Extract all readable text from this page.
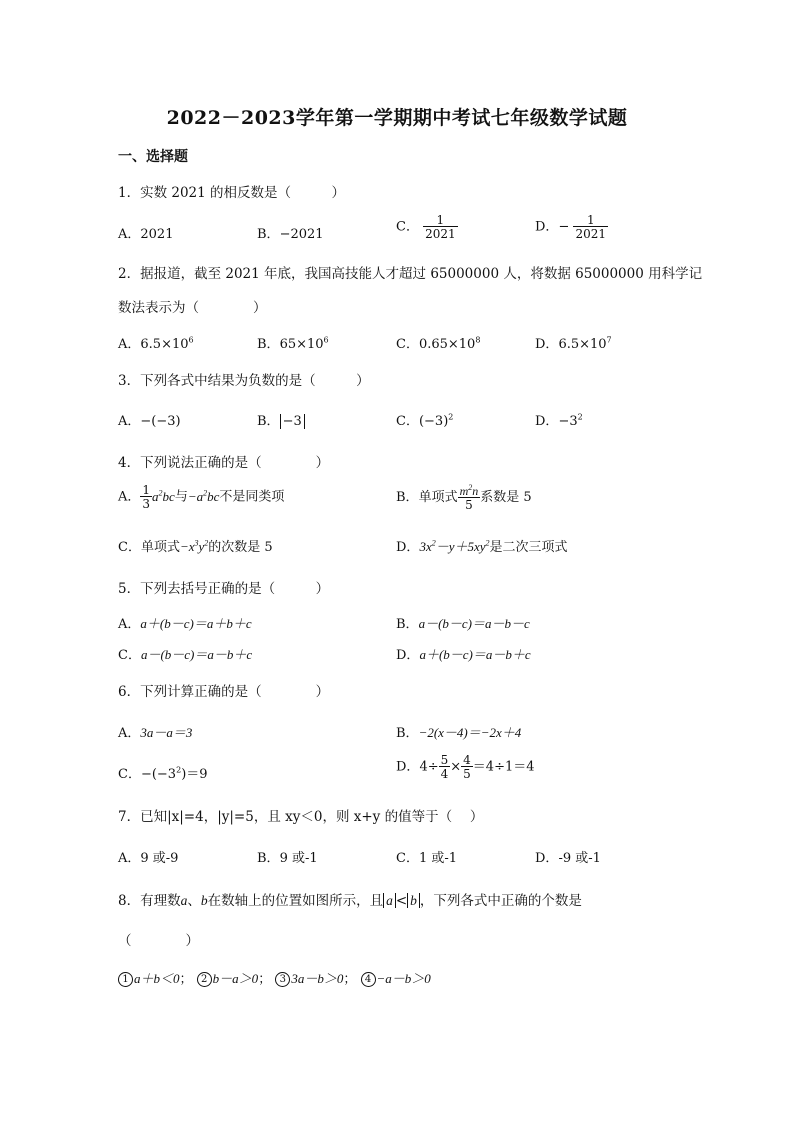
2022－2023学年第一学期期中考试七年级数学试题
一、选择题
1．实数 2021 的相反数是（　　　）
A．2021	B．−2021	C． $\frac{1}{2021}$	D．− $\frac{1}{2021}$
2．据报道，截至 2021 年底，我国高技能人才超过 65000000 人，将数据 65000000 用科学记
数法表示为（　　　　）
A．$6.5\times 10^6$	B．$65\times 10^6$	C．$0.65\times 10^8$	D．$6.5\times 10^7$
3．下列各式中结果为负数的是（　　　）
A．−(−3)	B． −3	C．$(-3)^2$	D．$-3^2$
4．下列说法正确的是（　　　　）
A． $\frac{1}{3} a^2bc$与$-a^2bc$不是同类项	B．单项式 $\frac{m^2n}{5}$ 系数是 5
C．单项式$-x^3y^2$的次数是 5	D．$3x^2-y+5xy^2$是二次三项式
5．下列去括号正确的是（　　　）
A．a＋(b－c)＝a＋b＋c	B．a－(b－c)＝a－b－c
C．a－(b－c)＝a－b＋c	D．a＋(b－c)＝a－b＋c
6．下列计算正确的是（　　　　）
A．3a－a＝3	B．−2(x－4)＝−2x＋4
C．$-(-3^2)=9$	D．$4\div \frac{5}{4} \times \frac{4}{5} =4\div 1=4$
7．已知|x|=4，|y|=5，且 xy＜0，则 x+y 的值等于（　 ）
A．9 或-9	B．9 或-1	C．1 或-1	D．-9 或-1
8．有理数a、b在数轴上的位置如图所示，且 a < b ，下列各式中正确的个数是
（　　　　）
1 a＋b＜0； 2 b－a＞0； 3 3a－b＞0； 4 −a－b＞0
